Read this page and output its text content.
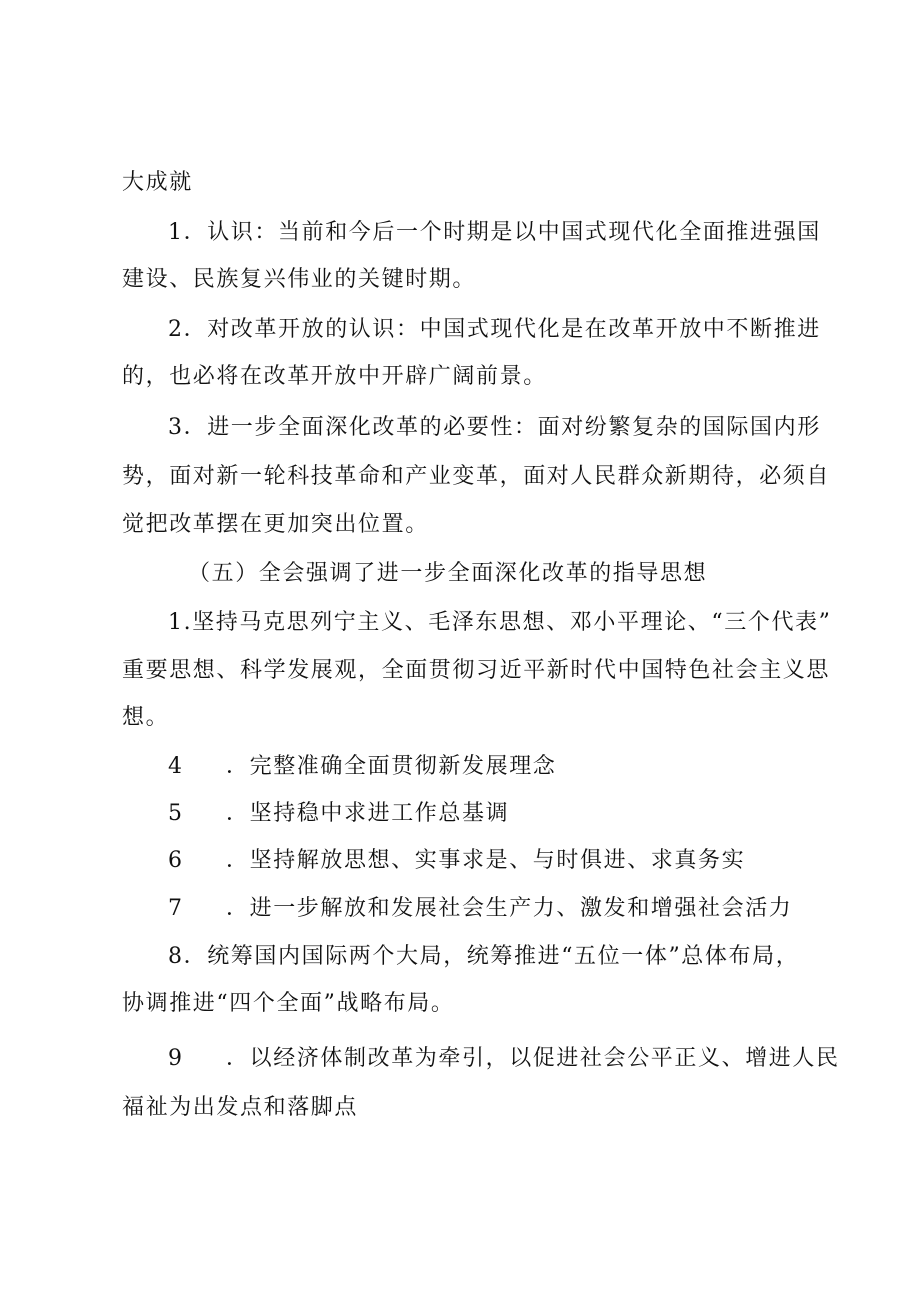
大成就
1．认识：当前和今后一个时期是以中国式现代化全面推进强国
建设、民族复兴伟业的关键时期。
2．对改革开放的认识：中国式现代化是在改革开放中不断推进
的，也必将在改革开放中开辟广阔前景。
3．进一步全面深化改革的必要性：面对纷繁复杂的国际国内形
势，面对新一轮科技革命和产业变革，面对人民群众新期待，必须自
觉把改革摆在更加突出位置。
（五）全会强调了进一步全面深化改革的指导思想
1.坚持马克思列宁主义、毛泽东思想、邓小平理论、“三个代表”
重要思想、科学发展观，全面贯彻习近平新时代中国特色社会主义思
想。
4 ．完整准确全面贯彻新发展理念
5 ．坚持稳中求进工作总基调
6 ．坚持解放思想、实事求是、与时俱进、求真务实
7 ．进一步解放和发展社会生产力、激发和增强社会活力
8．统筹国内国际两个大局，统筹推进“五位一体”总体布局，
协调推进“四个全面”战略布局。
9 ．以经济体制改革为牵引，以促进社会公平正义、增进人民
福祉为出发点和落脚点
